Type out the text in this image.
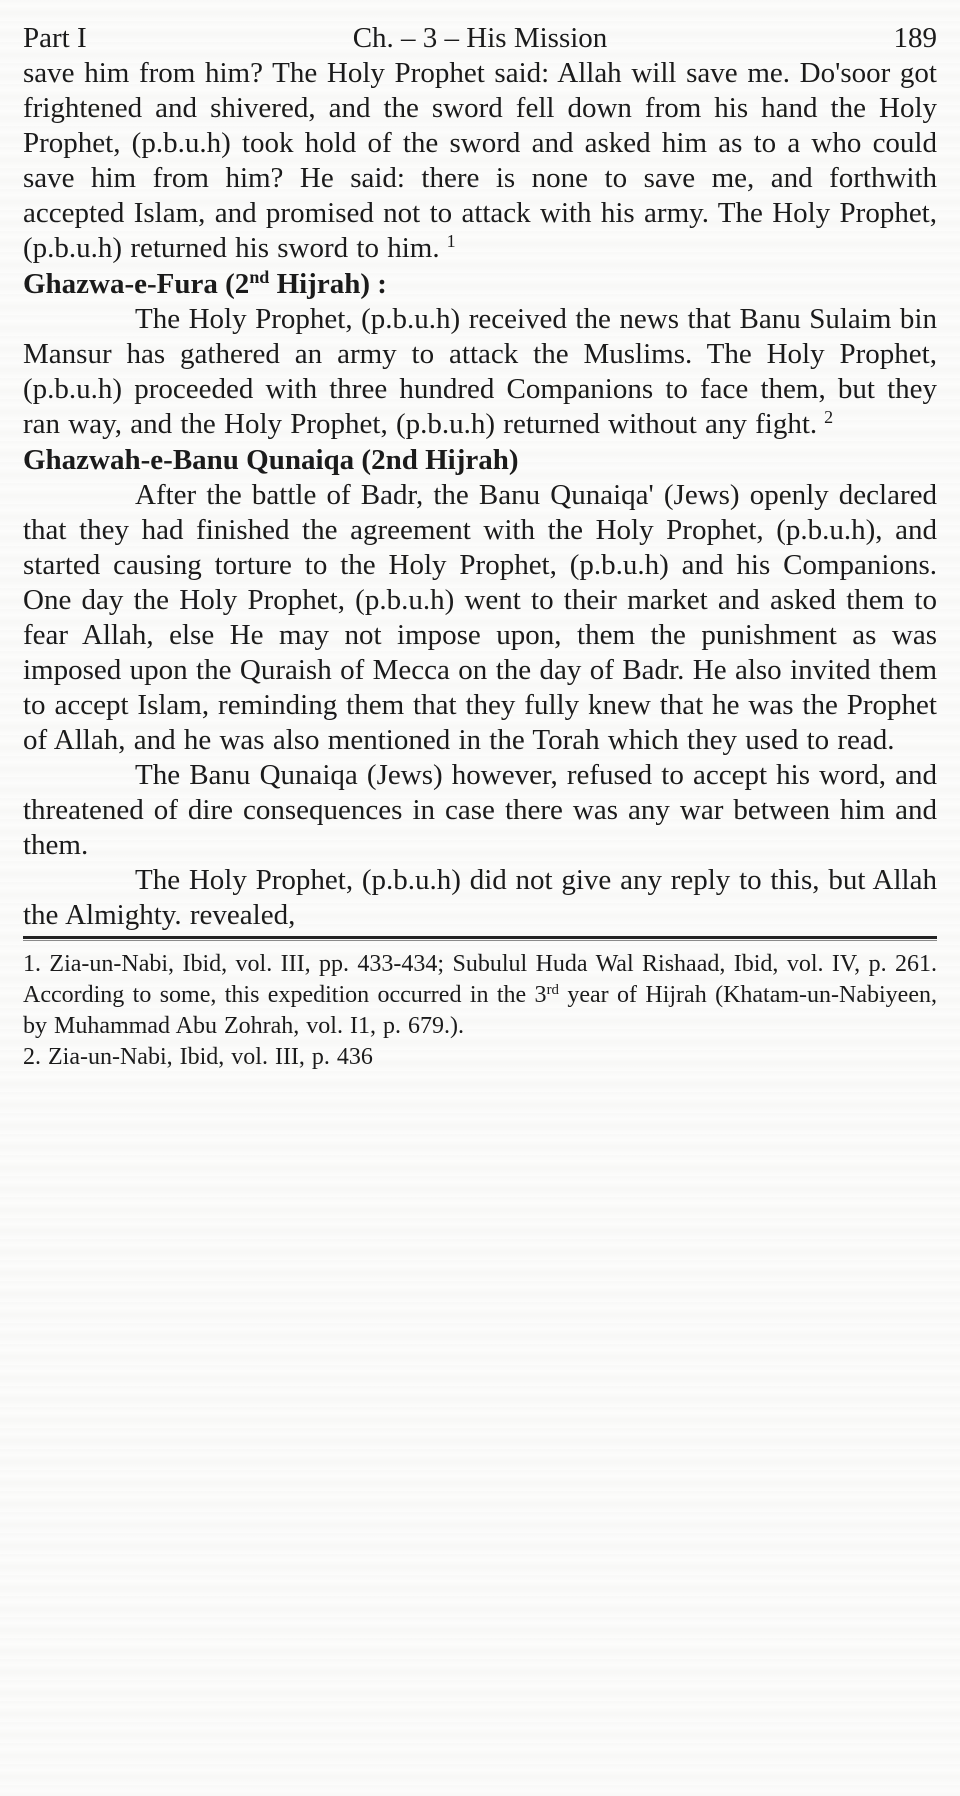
Part I	Ch. – 3 – His Mission	189

save him from him? The Holy Prophet said: Allah will save me. Do'soor got frightened and shivered, and the sword fell down from his hand the Holy Prophet, (p.b.u.h) took hold of the sword and asked him as to a who could save him from him? He said: there is none to save me, and forthwith accepted Islam, and promised not to attack with his army. The Holy Prophet, (p.b.u.h) returned his sword to him. $^1$

Ghazwa-e-Fura (2nd Hijrah) :

The Holy Prophet, (p.b.u.h) received the news that Banu Sulaim bin Mansur has gathered an army to attack the Muslims. The Holy Prophet, (p.b.u.h) proceeded with three hundred Companions to face them, but they ran way, and the Holy Prophet, (p.b.u.h) returned without any fight. $^2$

Ghazwah-e-Banu Qunaiqa (2nd Hijrah)

After the battle of Badr, the Banu Qunaiqa' (Jews) openly declared that they had finished the agreement with the Holy Prophet, (p.b.u.h), and started causing torture to the Holy Prophet, (p.b.u.h) and his Companions. One day the Holy Prophet, (p.b.u.h) went to their market and asked them to fear Allah, else He may not impose upon, them the punishment as was imposed upon the Quraish of Mecca on the day of Badr. He also invited them to accept Islam, reminding them that they fully knew that he was the Prophet of Allah, and he was also mentioned in the Torah which they used to read.

The Banu Qunaiqa (Jews) however, refused to accept his word, and threatened of dire consequences in case there was any war between him and them.

The Holy Prophet, (p.b.u.h) did not give any reply to this, but Allah the Almighty. revealed,

1. Zia-un-Nabi, Ibid, vol. III, pp. 433-434; Subulul Huda Wal Rishaad, Ibid, vol. IV, p. 261. According to some, this expedition occurred in the 3rd year of Hijrah (Khatam-un-Nabiyeen, by Muhammad Abu Zohrah, vol. I1, p. 679.).

2. Zia-un-Nabi, Ibid, vol. III, p. 436
